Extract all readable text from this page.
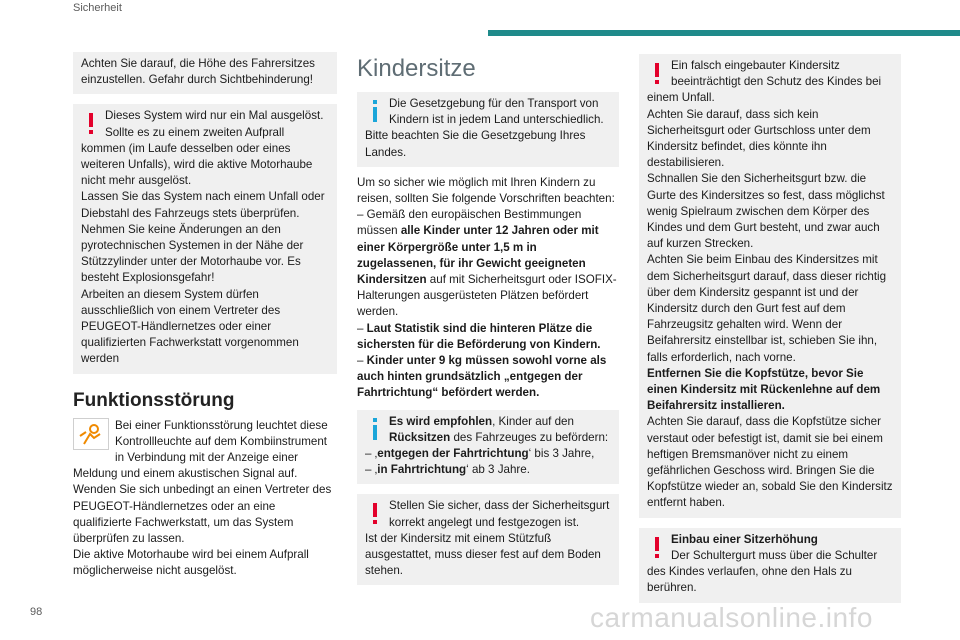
Sicherheit

Achten Sie darauf, die Höhe des Fahrersitzes einzustellen. Gefahr durch Sichtbehinderung!

Dieses System wird nur ein Mal ausgelöst. Sollte es zu einem zweiten Aufprall kommen (im Laufe desselben oder eines weiteren Unfalls), wird die aktive Motorhaube nicht mehr ausgelöst.

Lassen Sie das System nach einem Unfall oder Diebstahl des Fahrzeugs stets überprüfen.

Nehmen Sie keine Änderungen an den pyrotechnischen Systemen in der Nähe der Stützzylinder unter der Motorhaube vor. Es besteht Explosionsgefahr!

Arbeiten an diesem System dürfen ausschließlich von einem Vertreter des PEUGEOT-Händlernetzes oder einer qualifizierten Fachwerkstatt vorgenommen werden

Funktionsstörung

Bei einer Funktionsstörung leuchtet diese Kontrollleuchte auf dem Kombiinstrument in Verbindung mit der Anzeige einer Meldung und einem akustischen Signal auf. Wenden Sie sich unbedingt an einen Vertreter des PEUGEOT-Händlernetzes oder an eine qualifizierte Fachwerkstatt, um das System überprüfen zu lassen.

Die aktive Motorhaube wird bei einem Aufprall möglicherweise nicht ausgelöst.

Kindersitze

Die Gesetzgebung für den Transport von Kindern ist in jedem Land unterschiedlich. Bitte beachten Sie die Gesetzgebung Ihres Landes.

Um so sicher wie möglich mit Ihren Kindern zu reisen, sollten Sie folgende Vorschriften beachten:

– Gemäß den europäischen Bestimmungen müssen alle Kinder unter 12 Jahren oder mit einer Körpergröße unter 1,5 m in zugelassenen, für ihr Gewicht geeigneten Kindersitzen auf mit Sicherheitsgurt oder ISOFIX-Halterungen ausgerüsteten Plätzen befördert werden.

– Laut Statistik sind die hinteren Plätze die sichersten für die Beförderung von Kindern.

– Kinder unter 9 kg müssen sowohl vorne als auch hinten grundsätzlich „entgegen der Fahrtrichtung“ befördert werden.

Es wird empfohlen, Kinder auf den Rücksitzen des Fahrzeuges zu befördern:

– ‚entgegen der Fahrtrichtung‘ bis 3 Jahre,

– ‚in Fahrtrichtung‘ ab 3 Jahre.

Stellen Sie sicher, dass der Sicherheitsgurt korrekt angelegt und festgezogen ist.

Ist der Kindersitz mit einem Stützfuß ausgestattet, muss dieser fest auf dem Boden stehen.

Ein falsch eingebauter Kindersitz beeinträchtigt den Schutz des Kindes bei einem Unfall.

Achten Sie darauf, dass sich kein Sicherheitsgurt oder Gurtschloss unter dem Kindersitz befindet, dies könnte ihn destabilisieren.

Schnallen Sie den Sicherheitsgurt bzw. die Gurte des Kindersitzes so fest, dass möglichst wenig Spielraum zwischen dem Körper des Kindes und dem Gurt besteht, und zwar auch auf kurzen Strecken.

Achten Sie beim Einbau des Kindersitzes mit dem Sicherheitsgurt darauf, dass dieser richtig über dem Kindersitz gespannt ist und der Kindersitz durch den Gurt fest auf dem Fahrzeugsitz gehalten wird. Wenn der Beifahrersitz einstellbar ist, schieben Sie ihn, falls erforderlich, nach vorne.

Entfernen Sie die Kopfstütze, bevor Sie einen Kindersitz mit Rückenlehne auf dem Beifahrersitz installieren.

Achten Sie darauf, dass die Kopfstütze sicher verstaut oder befestigt ist, damit sie bei einem heftigen Bremsmanöver nicht zu einem gefährlichen Geschoss wird. Bringen Sie die Kopfstütze wieder an, sobald Sie den Kindersitz entfernt haben.

Einbau einer Sitzerhöhung

Der Schultergurt muss über die Schulter des Kindes verlaufen, ohne den Hals zu berühren.

98	carmanualsonline.info
